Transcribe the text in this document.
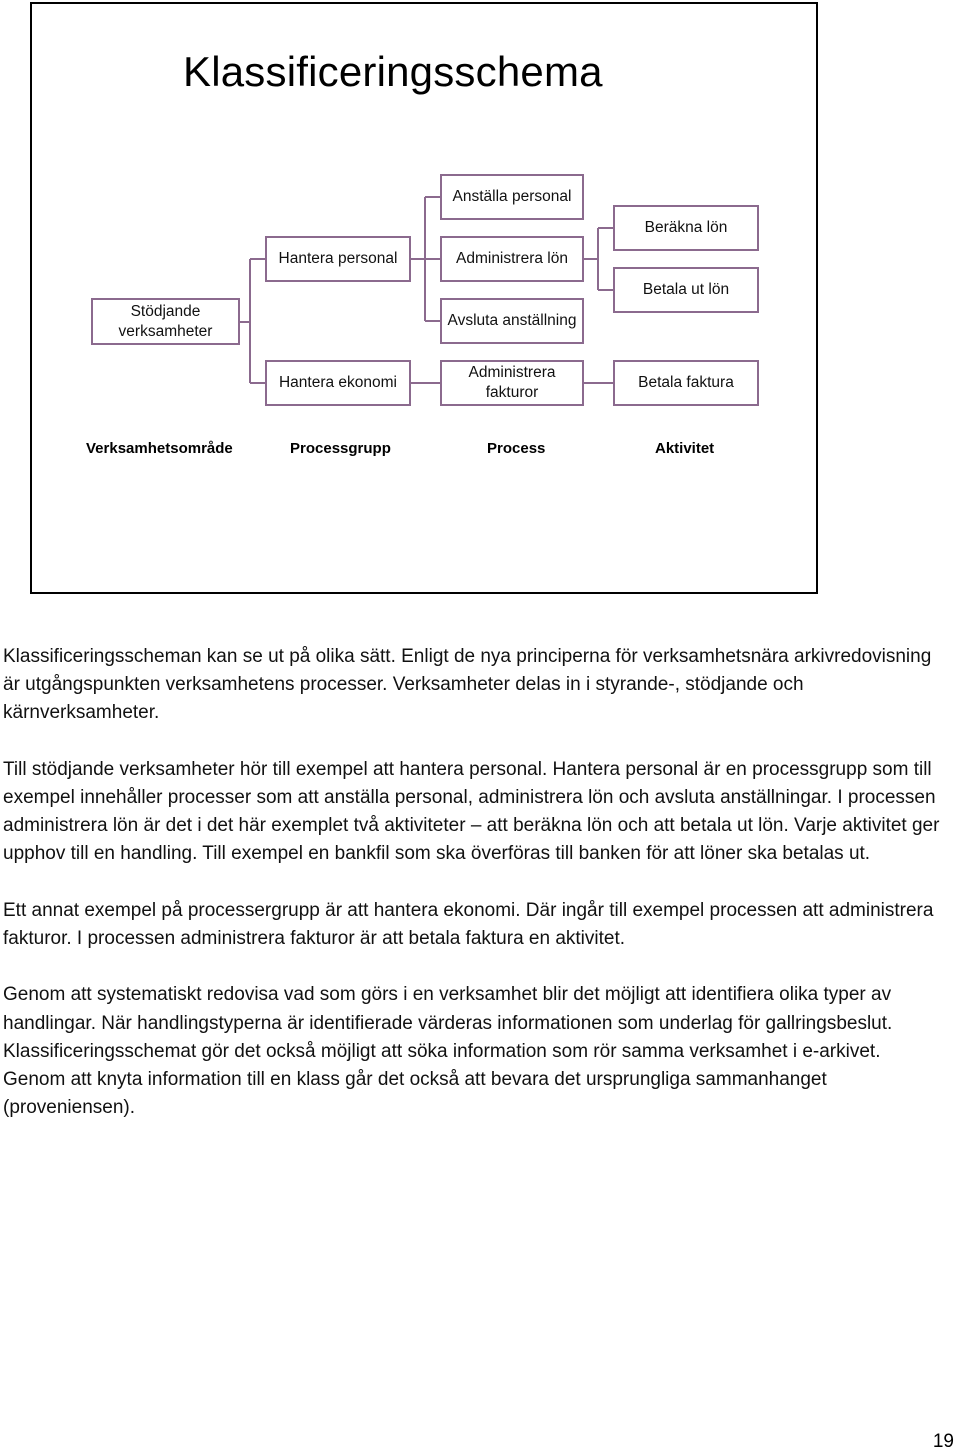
Klassificeringsschema
Stödjande verksamheter
Hantera personal
Hantera ekonomi
Anställa personal
Administrera lön
Avsluta anställning
Administrera fakturor
Beräkna lön
Betala ut lön
Betala faktura
Verksamhetsområde	Processgrupp	Process	Aktivitet

Klassificeringsscheman kan se ut på olika sätt. Enligt de nya principerna för verksamhetsnära arkivredovisning är utgångspunkten verksamhetens processer. Verksamheter delas in i styrande-, stödjande och kärnverksamheter.

Till stödjande verksamheter hör till exempel att hantera personal. Hantera personal är en processgrupp som till exempel innehåller processer som att anställa personal, administrera lön och avsluta anställningar. I processen administrera lön är det i det här exemplet två aktiviteter – att beräkna lön och att betala ut lön. Varje aktivitet ger upphov till en handling. Till exempel en bankfil som ska överföras till banken för att löner ska betalas ut.

Ett annat exempel på processergrupp är att hantera ekonomi. Där ingår till exempel processen att administrera fakturor. I processen administrera fakturor är att betala faktura en aktivitet.

Genom att systematiskt redovisa vad som görs i en verksamhet blir det möjligt att identifiera olika typer av handlingar. När handlingstyperna är identifierade värderas informationen som underlag för gallringsbeslut. Klassificeringsschemat gör det också möjligt att söka information som rör samma verksamhet i e-arkivet. Genom att knyta information till en klass går det också att bevara det ursprungliga sammanhanget (proveniensen).

19
